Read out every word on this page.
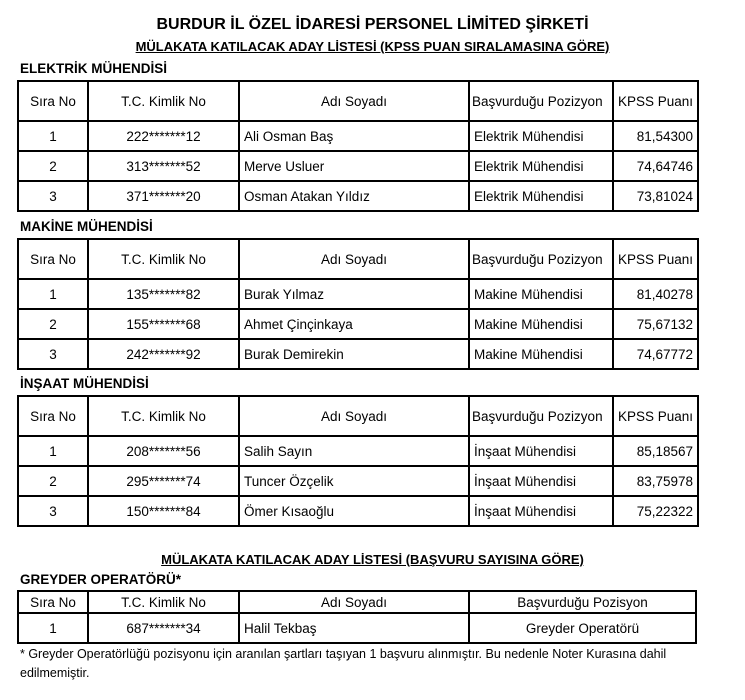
BURDUR İL ÖZEL İDARESİ PERSONEL LİMİTED ŞİRKETİ
MÜLAKATA KATILACAK ADAY LİSTESİ (KPSS PUAN SIRALAMASINA GÖRE)
ELEKTRİK MÜHENDİSİ
Sıra No	T.C. Kimlik No	Adı Soyadı	Başvurduğu Pozizyon	KPSS Puanı
1	222*******12	Ali Osman Baş	Elektrik Mühendisi	81,54300
2	313*******52	Merve Usluer	Elektrik Mühendisi	74,64746
3	371*******20	Osman Atakan Yıldız	Elektrik Mühendisi	73,81024
MAKİNE MÜHENDİSİ
Sıra No	T.C. Kimlik No	Adı Soyadı	Başvurduğu Pozizyon	KPSS Puanı
1	135*******82	Burak Yılmaz	Makine Mühendisi	81,40278
2	155*******68	Ahmet Çinçinkaya	Makine Mühendisi	75,67132
3	242*******92	Burak Demirekin	Makine Mühendisi	74,67772
İNŞAAT MÜHENDİSİ
Sıra No	T.C. Kimlik No	Adı Soyadı	Başvurduğu Pozizyon	KPSS Puanı
1	208*******56	Salih Sayın	İnşaat Mühendisi	85,18567
2	295*******74	Tuncer Özçelik	İnşaat Mühendisi	83,75978
3	150*******84	Ömer Kısaoğlu	İnşaat Mühendisi	75,22322
MÜLAKATA KATILACAK ADAY LİSTESİ (BAŞVURU SAYISINA GÖRE)
GREYDER OPERATÖRÜ*
Sıra No	T.C. Kimlik No	Adı Soyadı	Başvurduğu Pozisyon
1	687*******34	Halil Tekbaş	Greyder Operatörü
* Greyder Operatörlüğü pozisyonu için aranılan şartları taşıyan 1 başvuru alınmıştır. Bu nedenle Noter Kurasına dahil edilmemiştir.
